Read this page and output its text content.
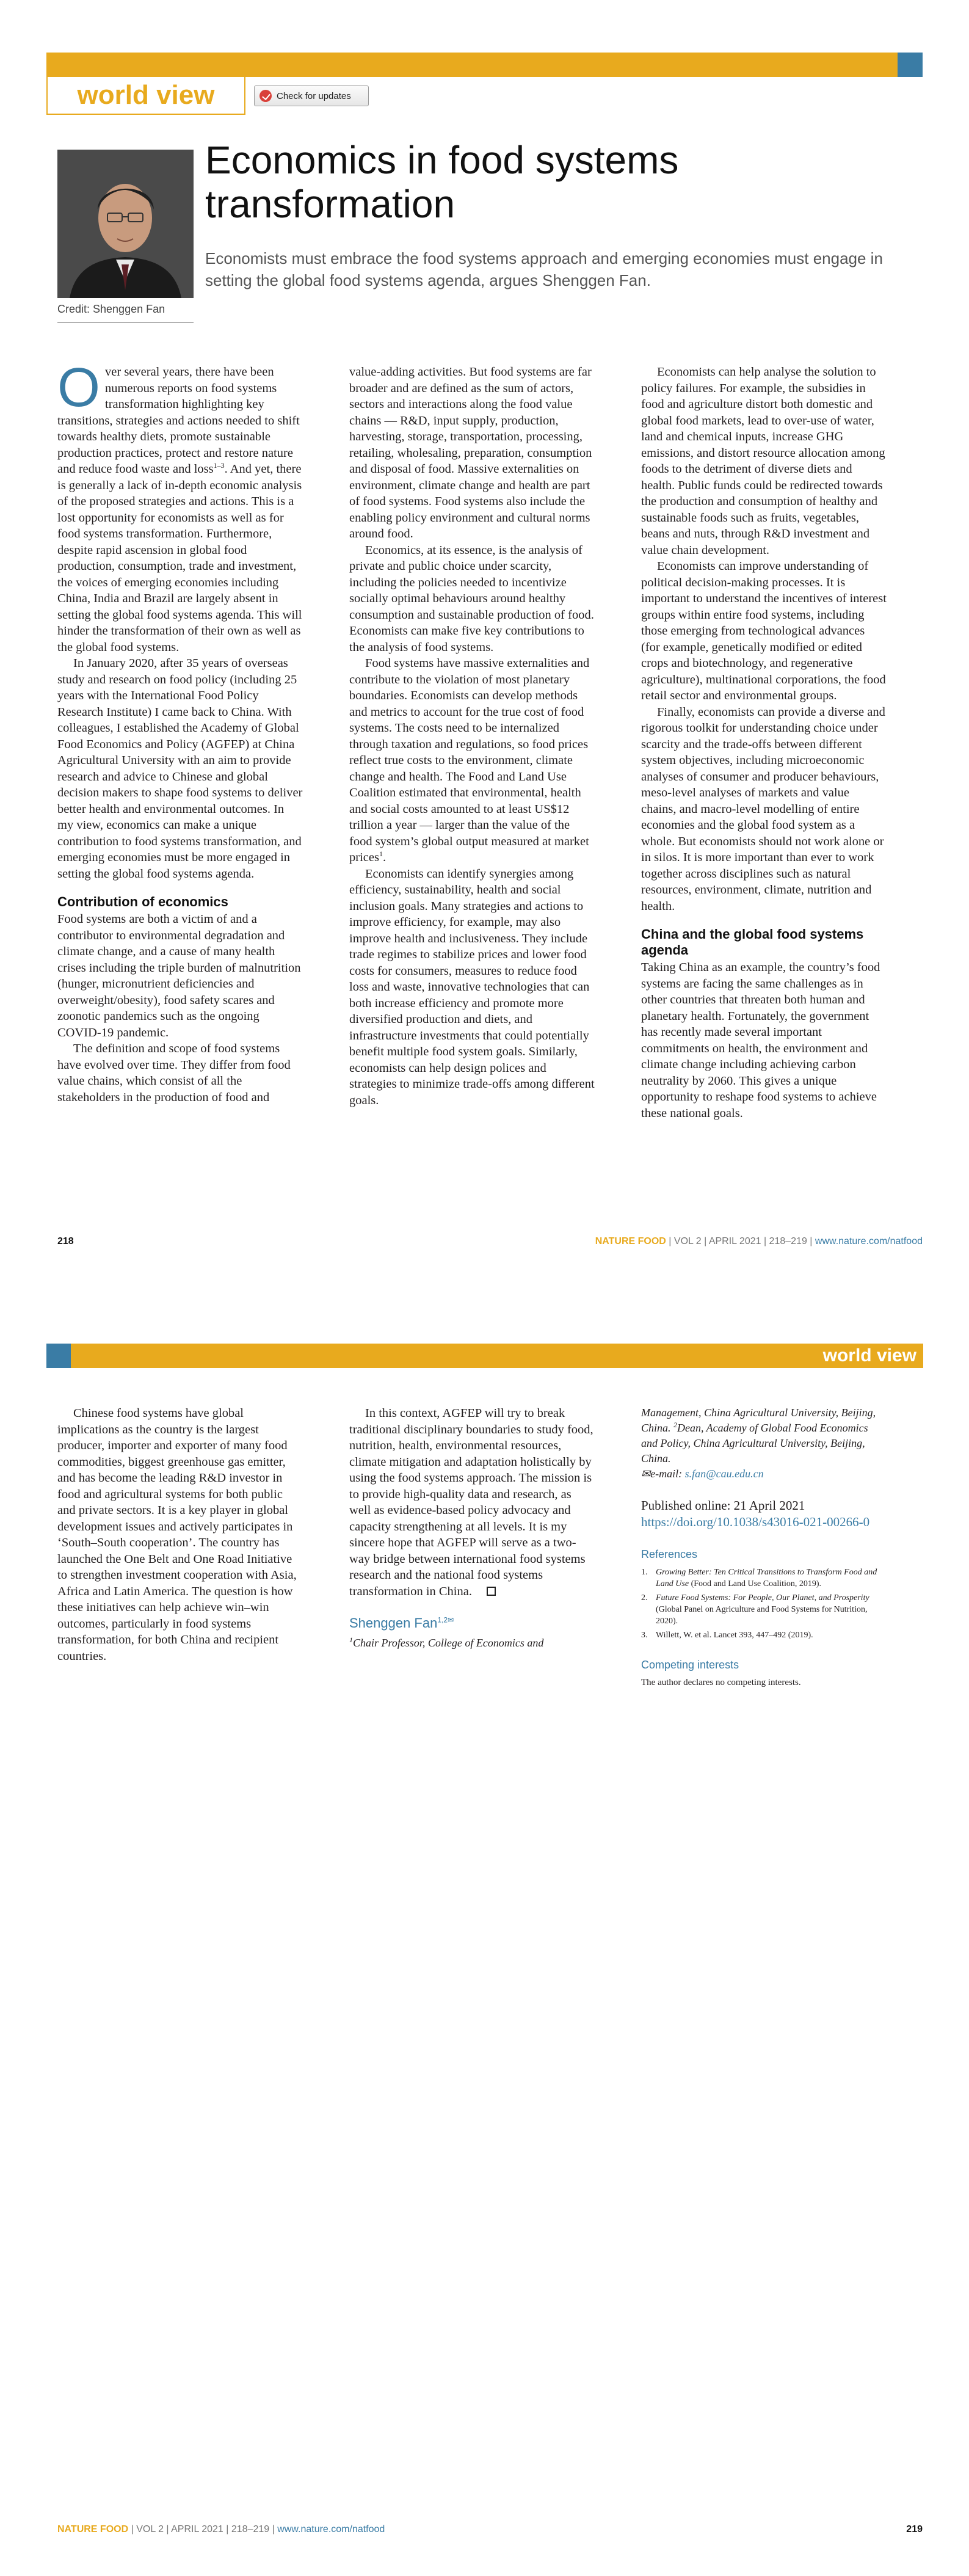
world view	Check for updates
Credit: Shenggen Fan
Economics in food systems transformation

Economists must embrace the food systems approach and emerging economies must engage in setting the global food systems agenda, argues Shenggen Fan.

Over several years, there have been numerous reports on food systems transformation highlighting key transitions, strategies and actions needed to shift towards healthy diets, promote sustainable production practices, protect and restore nature and reduce food waste and loss$^{1-3}$. And yet, there is generally a lack of in-depth economic analysis of the proposed strategies and actions. This is a lost opportunity for economists as well as for food systems transformation. Furthermore, despite rapid ascension in global food production, consumption, trade and investment, the voices of emerging economies including China, India and Brazil are largely absent in setting the global food systems agenda. This will hinder the transformation of their own as well as the global food systems.

In January 2020, after 35 years of overseas study and research on food policy (including 25 years with the International Food Policy Research Institute) I came back to China. With colleagues, I established the Academy of Global Food Economics and Policy (AGFEP) at China Agricultural University with an aim to provide research and advice to Chinese and global decision makers to shape food systems to deliver better health and environmental outcomes. In my view, economics can make a unique contribution to food systems transformation, and emerging economies must be more engaged in setting the global food systems agenda.

Contribution of economics

Food systems are both a victim of and a contributor to environmental degradation and climate change, and a cause of many health crises including the triple burden of malnutrition (hunger, micronutrient deficiencies and overweight/obesity), food safety scares and zoonotic pandemics such as the ongoing COVID-19 pandemic.

The definition and scope of food systems have evolved over time. They differ from food value chains, which consist of all the stakeholders in the production of food and

value-adding activities. But food systems are far broader and are defined as the sum of actors, sectors and interactions along the food value chains — R&D, input supply, production, harvesting, storage, transportation, processing, retailing, wholesaling, preparation, consumption and disposal of food. Massive externalities on environment, climate change and health are part of food systems. Food systems also include the enabling policy environment and cultural norms around food.

Economics, at its essence, is the analysis of private and public choice under scarcity, including the policies needed to incentivize socially optimal behaviours around healthy consumption and sustainable production of food. Economists can make five key contributions to the analysis of food systems.

Food systems have massive externalities and contribute to the violation of most planetary boundaries. Economists can develop methods and metrics to account for the true cost of food systems. The costs need to be internalized through taxation and regulations, so food prices reflect true costs to the environment, climate change and health. The Food and Land Use Coalition estimated that environmental, health and social costs amounted to at least US$12 trillion a year — larger than the value of the food system’s global output measured at market prices$^1$.

Economists can identify synergies among efficiency, sustainability, health and social inclusion goals. Many strategies and actions to improve efficiency, for example, may also improve health and inclusiveness. They include trade regimes to stabilize prices and lower food costs for consumers, measures to reduce food loss and waste, innovative technologies that can both increase efficiency and promote more diversified production and diets, and infrastructure investments that could potentially benefit multiple food system goals. Similarly, economists can help design polices and strategies to minimize trade-offs among different goals.

Economists can help analyse the solution to policy failures. For example, the subsidies in food and agriculture distort both domestic and global food markets, lead to over-use of water, land and chemical inputs, increase GHG emissions, and distort resource allocation among foods to the detriment of diverse diets and health. Public funds could be redirected towards the production and consumption of healthy and sustainable foods such as fruits, vegetables, beans and nuts, through R&D investment and value chain development.

Economists can improve understanding of political decision-making processes. It is important to understand the incentives of interest groups within entire food systems, including those emerging from technological advances (for example, genetically modified or edited crops and biotechnology, and regenerative agriculture), multinational corporations, the food retail sector and environmental groups.

Finally, economists can provide a diverse and rigorous toolkit for understanding choice under scarcity and the trade-offs between different system objectives, including microeconomic analyses of consumer and producer behaviours, meso-level analyses of markets and value chains, and macro-level modelling of entire economies and the global food system as a whole. But economists should not work alone or in silos. It is more important than ever to work together across disciplines such as natural resources, environment, climate, nutrition and health.

China and the global food systems agenda

Taking China as an example, the country’s food systems are facing the same challenges as in other countries that threaten both human and planetary health. Fortunately, the government has recently made several important commitments on health, the environment and climate change including achieving carbon neutrality by 2060. This gives a unique opportunity to reshape food systems to achieve these national goals.

218	NATURE FOOD | VOL 2 | APRIL 2021 | 218–219 | www.nature.com/natfood
world view

Chinese food systems have global implications as the country is the largest producer, importer and exporter of many food commodities, biggest greenhouse gas emitter, and has become the leading R&D investor in food and agricultural systems for both public and private sectors. It is a key player in global development issues and actively participates in ‘South–South cooperation’. The country has launched the One Belt and One Road Initiative to strengthen investment cooperation with Asia, Africa and Latin America. The question is how these initiatives can help achieve win–win outcomes, particularly in food systems transformation, for both China and recipient countries.

In this context, AGFEP will try to break traditional disciplinary boundaries to study food, nutrition, health, environmental resources, climate mitigation and adaptation holistically by using the food systems approach. The mission is to provide high-quality data and research, as well as evidence-based policy advocacy and capacity strengthening at all levels. It is my sincere hope that AGFEP will serve as a two-way bridge between international food systems research and the national food systems transformation in China.

Shenggen Fan$^{1,2✉}$
$^1$Chair Professor, College of Economics and
Management, China Agricultural University, Beijing, China. $^2$Dean, Academy of Global Food Economics and Policy, China Agricultural University, Beijing, China.
✉e-mail: s.fan@cau.edu.cn
Published online: 21 April 2021
https://doi.org/10.1038/s43016-021-00266-0
References
1. Growing Better: Ten Critical Transitions to Transform Food and Land Use (Food and Land Use Coalition, 2019).
2. Future Food Systems: For People, Our Planet, and Prosperity (Global Panel on Agriculture and Food Systems for Nutrition, 2020).
3. Willett, W. et al. Lancet 393, 447–492 (2019).
Competing interests
The author declares no competing interests.
NATURE FOOD | VOL 2 | APRIL 2021 | 218–219 | www.nature.com/natfood	219
